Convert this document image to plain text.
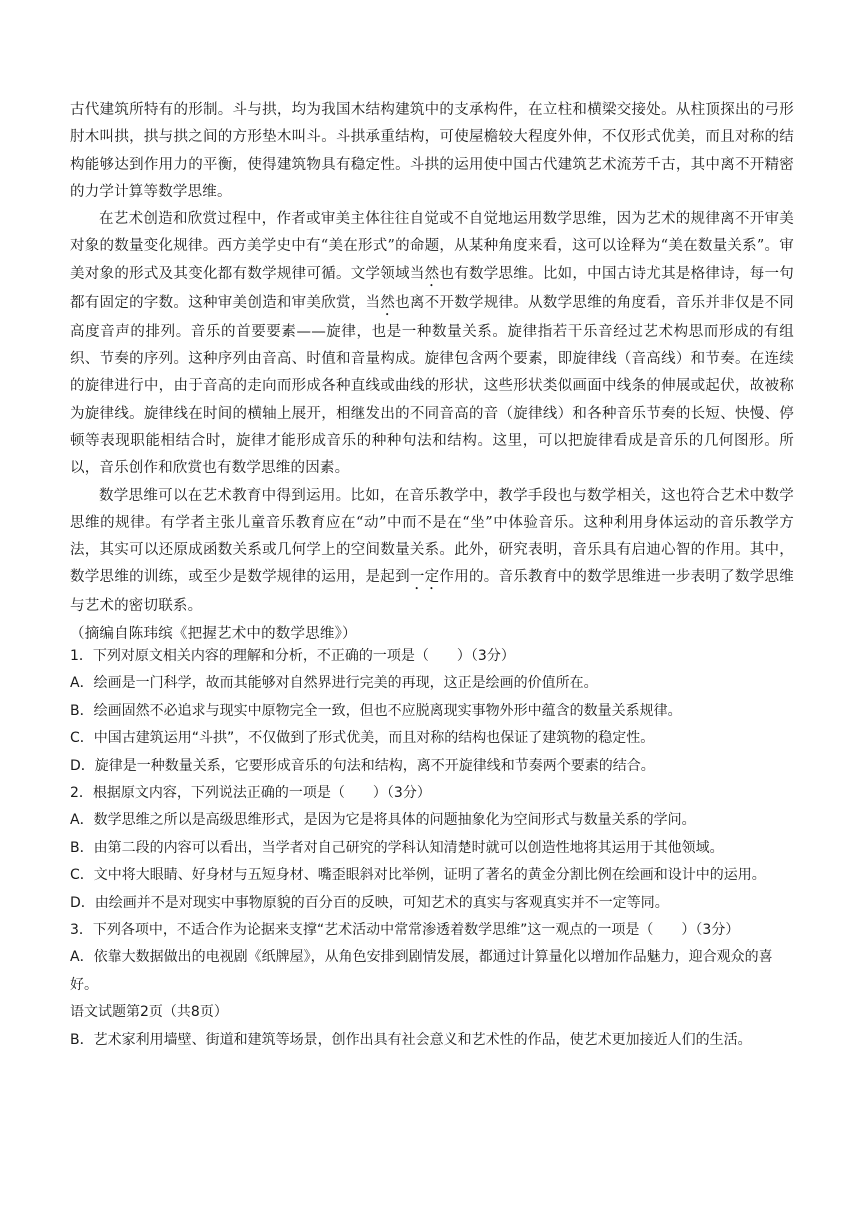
古代建筑所特有的形制。斗与拱，均为我国木结构建筑中的支承构件，在立柱和横梁交接处。从柱顶探出的弓形肘木叫拱，拱与拱之间的方形垫木叫斗。斗拱承重结构，可使屋檐较大程度外伸，不仅形式优美，而且对称的结构能够达到作用力的平衡，使得建筑物具有稳定性。斗拱的运用使中国古代建筑艺术流芳千古，其中离不开精密的力学计算等数学思维。

在艺术创造和欣赏过程中，作者或审美主体往往自觉或不自觉地运用数学思维，因为艺术的规律离不开审美对象的数量变化规律。西方美学史中有“美在形式”的命题，从某种角度来看，这可以诠释为“美在数量关系”。审美对象的形式及其变化都有数学规律可循。文学领域当然也有数学思维。比如，中国古诗尤其是格律诗，每一句都有固定的字数。这种审美创造和审美欣赏，当然也离不开数学规律。从数学思维的角度看，音乐并非仅是不同高度音声的排列。音乐的首要要素——旋律，也是一种数量关系。旋律指若干乐音经过艺术构思而形成的有组织、节奏的序列。这种序列由音高、时值和音量构成。旋律包含两个要素，即旋律线（音高线）和节奏。在连续的旋律进行中，由于音高的走向而形成各种直线或曲线的形状，这些形状类似画面中线条的伸展或起伏，故被称为旋律线。旋律线在时间的横轴上展开，相继发出的不同音高的音（旋律线）和各种音乐节奏的长短、快慢、停顿等表现职能相结合时，旋律才能形成音乐的种种句法和结构。这里，可以把旋律看成是音乐的几何图形。所以，音乐创作和欣赏也有数学思维的因素。

数学思维可以在艺术教育中得到运用。比如，在音乐教学中，教学手段也与数学相关，这也符合艺术中数学思维的规律。有学者主张儿童音乐教育应在“动”中而不是在“坐”中体验音乐。这种利用身体运动的音乐教学方法，其实可以还原成函数关系或几何学上的空间数量关系。此外，研究表明，音乐具有启迪心智的作用。其中，数学思维的训练，或至少是数学规律的运用，是起到一定作用的。音乐教育中的数学思维进一步表明了数学思维与艺术的密切联系。

（摘编自陈玮缤《把握艺术中的数学思维》）

1．下列对原文相关内容的理解和分析，不正确的一项是（　　）（3分）

A．绘画是一门科学，故而其能够对自然界进行完美的再现，这正是绘画的价值所在。

B．绘画固然不必追求与现实中原物完全一致，但也不应脱离现实事物外形中蕴含的数量关系规律。

C．中国古建筑运用“斗拱”，不仅做到了形式优美，而且对称的结构也保证了建筑物的稳定性。

D．旋律是一种数量关系，它要形成音乐的句法和结构，离不开旋律线和节奏两个要素的结合。

2．根据原文内容，下列说法正确的一项是（　　）（3分）

A．数学思维之所以是高级思维形式，是因为它是将具体的问题抽象化为空间形式与数量关系的学问。

B．由第二段的内容可以看出，当学者对自己研究的学科认知清楚时就可以创造性地将其运用于其他领域。

C．文中将大眼睛、好身材与五短身材、嘴歪眼斜对比举例，证明了著名的黄金分割比例在绘画和设计中的运用。

D．由绘画并不是对现实中事物原貌的百分百的反映，可知艺术的真实与客观真实并不一定等同。

3．下列各项中，不适合作为论据来支撑“艺术活动中常常渗透着数学思维”这一观点的一项是（　　）（3分）

A．依靠大数据做出的电视剧《纸牌屋》，从角色安排到剧情发展，都通过计算量化以增加作品魅力，迎合观众的喜好。

语文试题第2页（共8页）

B．艺术家利用墙壁、街道和建筑等场景，创作出具有社会意义和艺术性的作品，使艺术更加接近人们的生活。
